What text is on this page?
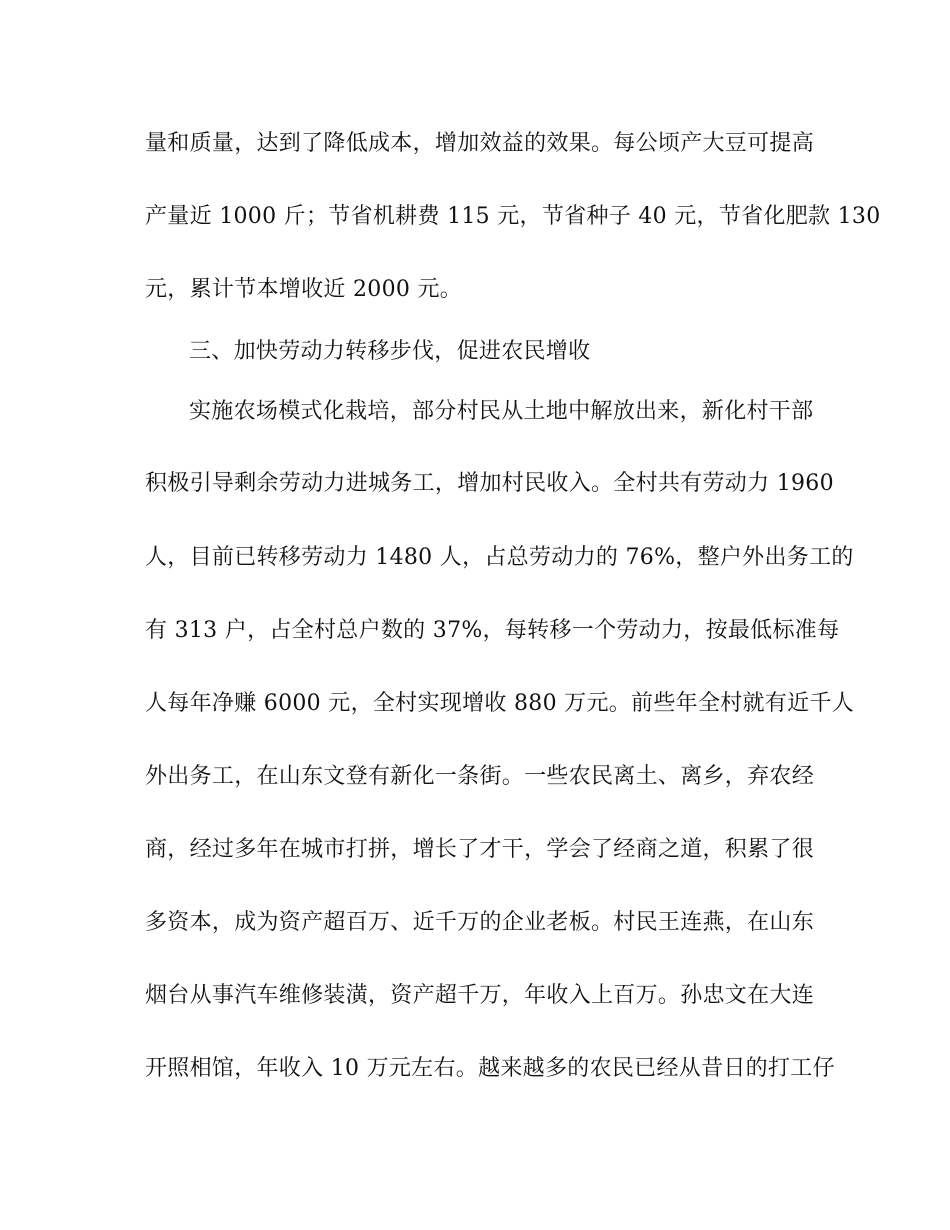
量和质量，达到了降低成本，增加效益的效果。每公顷产大豆可提高
产量近 1000 斤；节省机耕费 115 元，节省种子 40 元，节省化肥款 130
元，累计节本增收近 2000 元。
三、加快劳动力转移步伐，促进农民增收
实施农场模式化栽培，部分村民从土地中解放出来，新化村干部
积极引导剩余劳动力进城务工，增加村民收入。全村共有劳动力 1960
人，目前已转移劳动力 1480 人，占总劳动力的 76%，整户外出务工的
有 313 户，占全村总户数的 37%，每转移一个劳动力，按最低标准每
人每年净赚 6000 元，全村实现增收 880 万元。前些年全村就有近千人
外出务工，在山东文登有新化一条街。一些农民离土、离乡，弃农经
商，经过多年在城市打拼，增长了才干，学会了经商之道，积累了很
多资本，成为资产超百万、近千万的企业老板。村民王连燕，在山东
烟台从事汽车维修装潢，资产超千万，年收入上百万。孙忠文在大连
开照相馆，年收入 10 万元左右。越来越多的农民已经从昔日的打工仔
